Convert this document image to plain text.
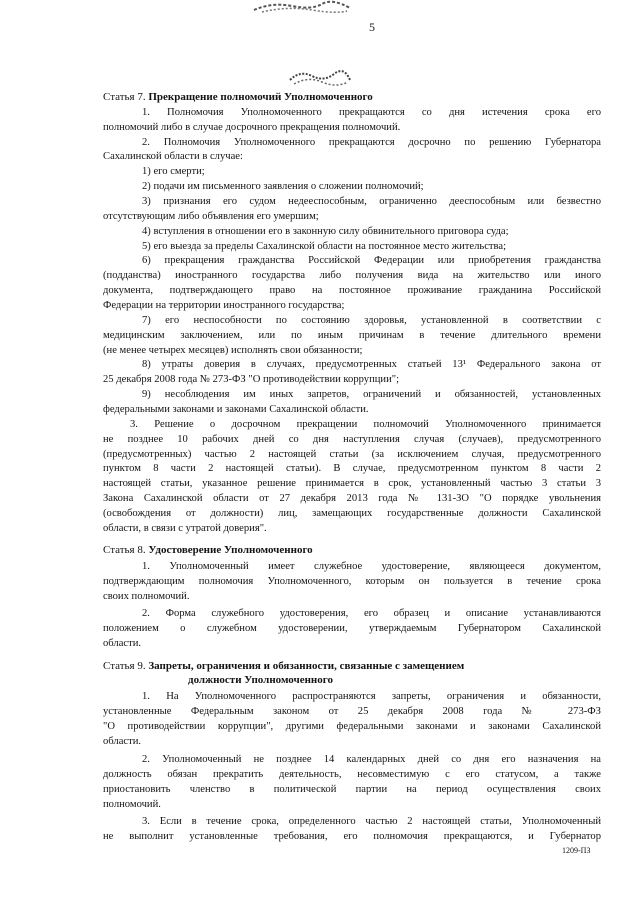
5
Статья 7. Прекращение полномочий Уполномоченного
1. Полномочия Уполномоченного прекращаются со дня истечения срока его
полномочий либо в случае досрочного прекращения полномочий.
2. Полномочия Уполномоченного прекращаются досрочно по решению Губернатора
Сахалинской области в случае:
1) его смерти;
2) подачи им письменного заявления о сложении полномочий;
3) признания его судом недееспособным, ограниченно дееспособным или безвестно
отсутствующим либо объявления его умершим;
4) вступления в отношении его в законную силу обвинительного приговора суда;
5) его выезда за пределы Сахалинской области на постоянное место жительства;
6) прекращения гражданства Российской Федерации или приобретения гражданства
(подданства) иностранного государства либо получения вида на жительство или иного
документа, подтверждающего право на постоянное проживание гражданина Российской
Федерации на территории иностранного государства;
7) его неспособности по состоянию здоровья, установленной в соответствии с
медицинским заключением, или по иным причинам в течение длительного времени
(не менее четырех месяцев) исполнять свои обязанности;
8) утраты доверия в случаях, предусмотренных статьей 13¹ Федерального закона от
25 декабря 2008 года № 273-ФЗ "О противодействии коррупции";
9) несоблюдения им иных запретов, ограничений и обязанностей, установленных
федеральными законами и законами Сахалинской области.
3. Решение о досрочном прекращении полномочий Уполномоченного принимается
не позднее 10 рабочих дней со дня наступления случая (случаев), предусмотренного
(предусмотренных) частью 2 настоящей статьи (за исключением случая, предусмотренного
пунктом 8 части 2 настоящей статьи). В случае, предусмотренном пунктом 8 части 2
настоящей статьи, указанное решение принимается в срок, установленный частью 3 статьи 3
Закона Сахалинской области от 27 декабря 2013 года № 131-ЗО "О порядке увольнения
(освобождения от должности) лиц, замещающих государственные должности Сахалинской
области, в связи с утратой доверия".
Статья 8. Удостоверение Уполномоченного
1. Уполномоченный имеет служебное удостоверение, являющееся документом,
подтверждающим полномочия Уполномоченного, которым он пользуется в течение срока
своих полномочий.
2. Форма служебного удостоверения, его образец и описание устанавливаются
положением о служебном удостоверении, утверждаемым Губернатором Сахалинской
области.
Статья 9. Запреты, ограничения и обязанности, связанные с замещением
должности Уполномоченного
1. На Уполномоченного распространяются запреты, ограничения и обязанности,
установленные Федеральным законом от 25 декабря 2008 года № 273-ФЗ
"О противодействии коррупции", другими федеральными законами и законами Сахалинской
области.
2. Уполномоченный не позднее 14 календарных дней со дня его назначения на
должность обязан прекратить деятельность, несовместимую с его статусом, а также
приостановить членство в политической партии на период осуществления своих
полномочий.
3. Если в течение срока, определенного частью 2 настоящей статьи, Уполномоченный
не выполнит установленные требования, его полномочия прекращаются, и Губернатор
1209-ПЗ
